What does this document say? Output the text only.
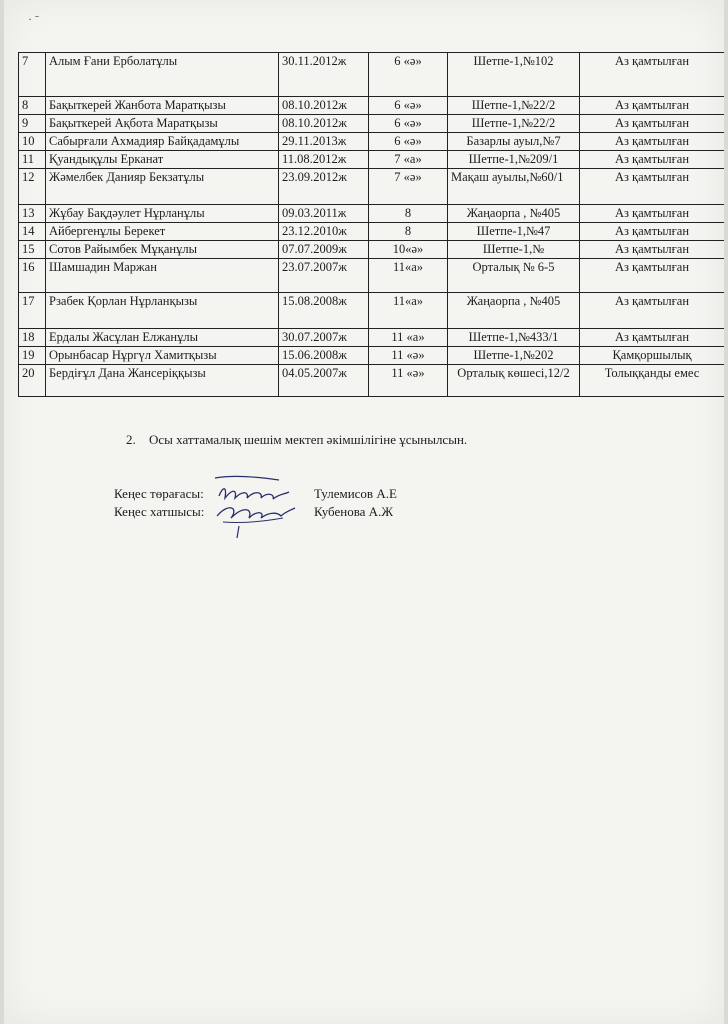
· ˉ
7	Алым Ғани Ерболатұлы	30.11.2012ж	6 «ә»	Шетпе-1,№102	Аз қамтылған
8	Бақыткерей Жанбота Маратқызы	08.10.2012ж	6 «ә»	Шетпе-1,№22/2	Аз қамтылған
9	Бақыткерей Ақбота Маратқызы	08.10.2012ж	6 «ә»	Шетпе-1,№22/2	Аз қамтылған
10	Сабырғали Ахмадияр Байқадамұлы	29.11.2013ж	6 «ә»	Базарлы ауыл,№7	Аз қамтылған
11	Қуандықұлы Ерканат	11.08.2012ж	7 «а»	Шетпе-1,№209/1	Аз қамтылған
12	Жәмелбек Данияр Бекзатұлы	23.09.2012ж	7 «ә»	Мақаш ауылы,№60/1	Аз қамтылған
13	Жұбау Бақдәулет Нұрланұлы	09.03.2011ж	8	Жаңаорпа , №405	Аз қамтылған
14	Айбергенұлы Берекет	23.12.2010ж	8	Шетпе-1,№47	Аз қамтылған
15	Сотов Райымбек Мұқанұлы	07.07.2009ж	10«ә»	Шетпе-1,№	Аз қамтылған
16	Шамшадин Маржан	23.07.2007ж	11«а»	Орталық № 6-5	Аз қамтылған
17	Рзабек Қорлан Нұрланқызы	15.08.2008ж	11«а»	Жаңаорпа , №405	Аз қамтылған
18	Ердалы Жасұлан Елжанұлы	30.07.2007ж	11 «а»	Шетпе-1,№433/1	Аз қамтылған
19	Орынбасар Нұргүл Хамитқызы	15.06.2008ж	11 «ә»	Шетпе-1,№202	Қамқоршылық
20	Бердіғұл Дана Жансеріққызы	04.05.2007ж	11 «ә»	Орталық көшесі,12/2	Толыққанды емес
2. Осы хаттамалық шешім мектеп әкімшілігіне ұсынылсын.
Кеңес төрағасы:	Тулемисов А.Е
Кеңес хатшысы:	Кубенова А.Ж
